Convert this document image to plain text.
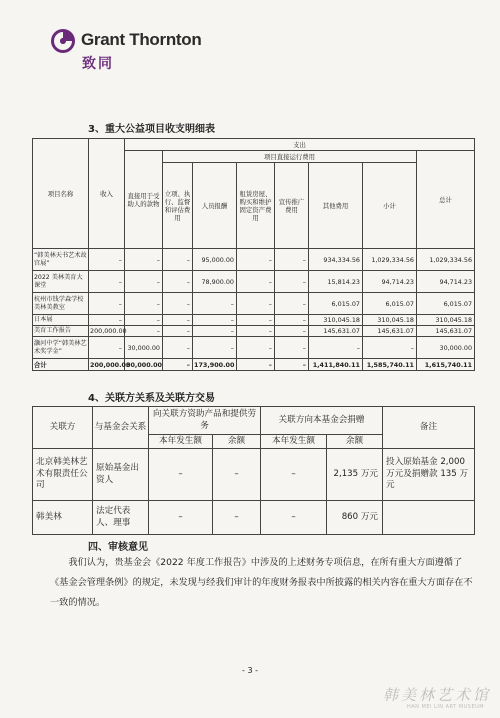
Grant Thornton
致同
3、重大公益项目收支明细表
项目名称	收入	支出							
		直接用于受助人的款物	项目直接运行费用						总计
			立项、执行、监督和评估费用	人员报酬	租赁房屋、购买和维护固定资产费用	宣传推广费用	其他费用	小计	
“韩美林天书艺术故宫展”	–	–	–	95,000.00	–	–	934,334.56	1,029,334.56	1,029,334.56
2022 美林美育大课堂	–	–	–	78,900.00	–	–	15,814.23	94,714.23	94,714.23
杭州市钱学森学校美林美教室	–	–	–	–	–	–	6,015.07	6,015.07	6,015.07
日本展	–	–	–	–	–	–	310,045.18	310,045.18	310,045.18
美育工作报告	200,000.00	–	–	–	–	–	145,631.07	145,631.07	145,631.07
灏河中学“韩美林艺术奖学金”	–	30,000.00	–	–	–	–	–	–	30,000.00
合计	200,000.00	30,000.00	–	173,900.00	–	–	1,411,840.11	1,585,740.11	1,615,740.11
4、关联方关系及关联方交易
关联方	与基金会关系	向关联方资助产品和提供劳务		关联方向本基金会捐赠		备注
		本年发生额	余额	本年发生额	余额	
北京韩美林艺术有限责任公司	原始基金出资人	–	–	–	2,135 万元	投入原始基金 2,000 万元及捐赠款 135 万元
韩美林	法定代表人、理事	–	–	–	860 万元	
四、审核意见
我们认为，贵基金会《2022 年度工作报告》中涉及的上述财务专项信息，在所有重大方面遵循了《基金会管理条例》的规定，未发现与经我们审计的年度财务报表中所披露的相关内容在重大方面存在不一致的情况。
- 3 -
韩美林艺术馆
HAN MEI LIN ART MUSEUM
